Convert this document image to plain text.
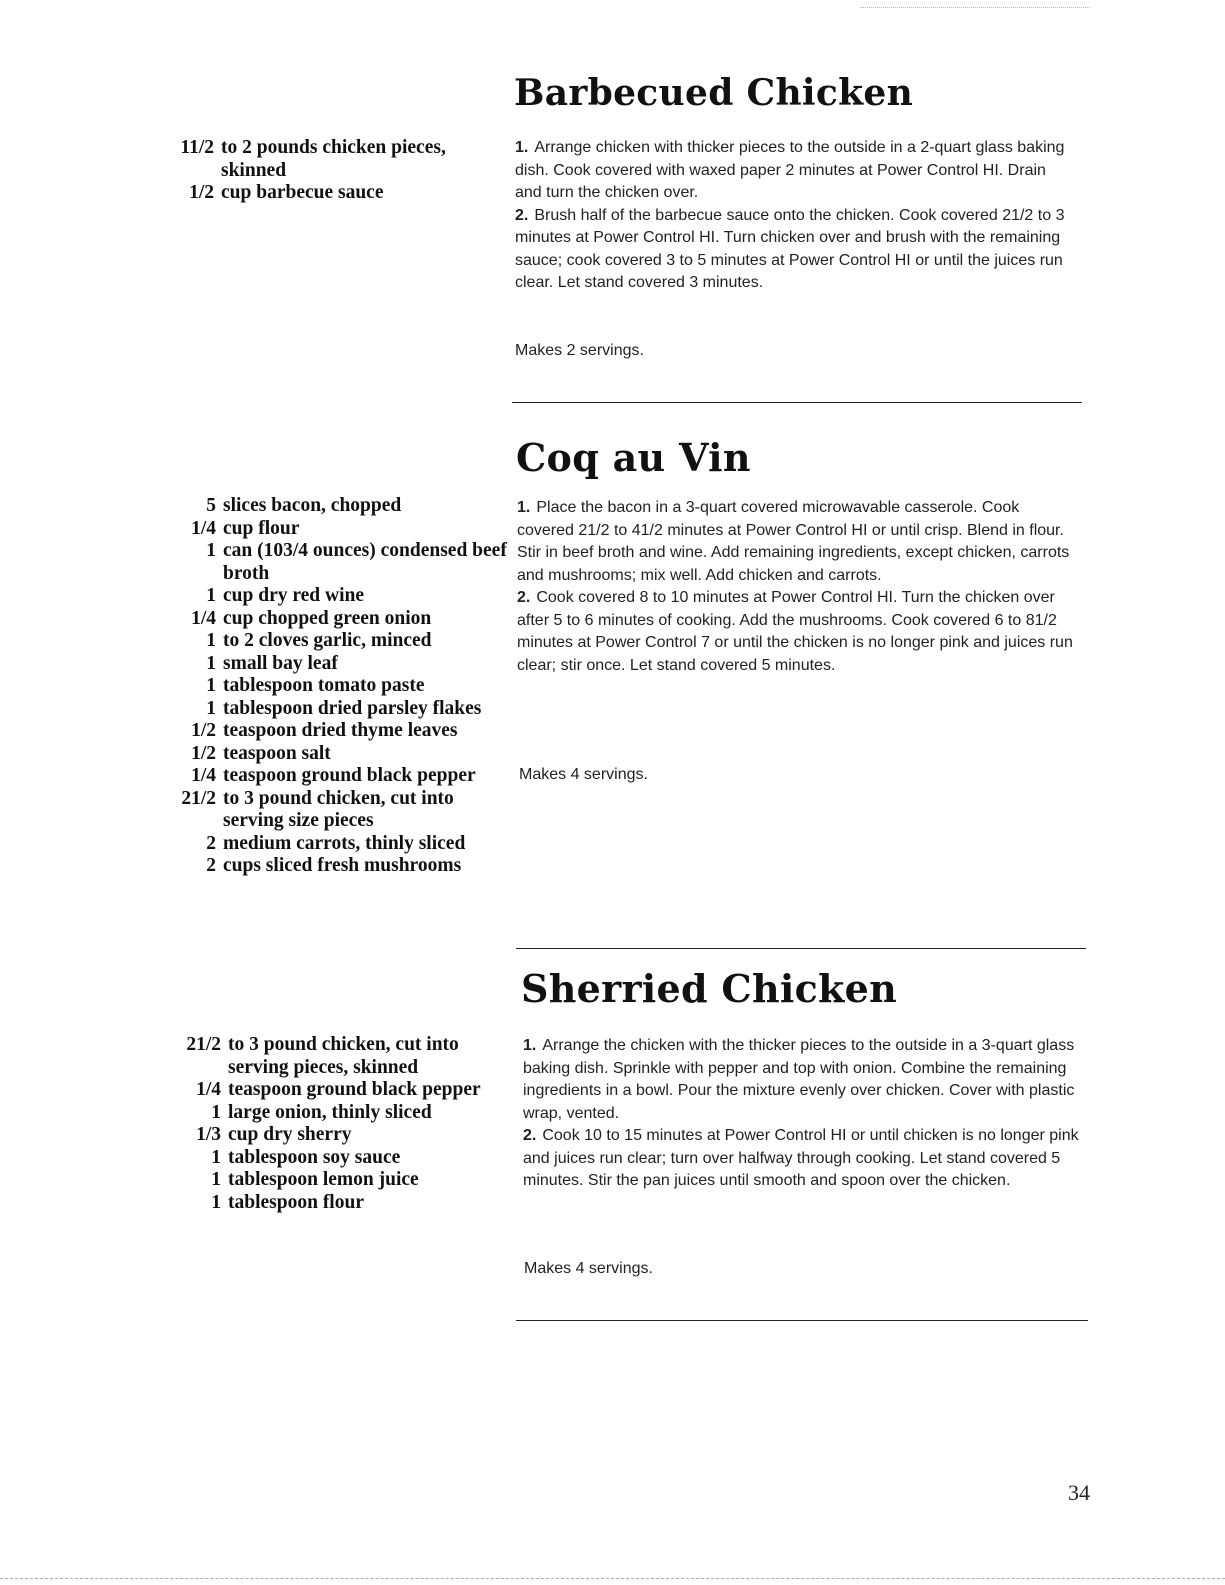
Barbecued Chicken
11/2 to 2 pounds chicken pieces, skinned
1/2 cup barbecue sauce

1. Arrange chicken with thicker pieces to the outside in a 2-quart glass baking dish. Cook covered with waxed paper 2 minutes at Power Control HI. Drain and turn the chicken over.

2. Brush half of the barbecue sauce onto the chicken. Cook covered 21/2 to 3 minutes at Power Control HI. Turn chicken over and brush with the remaining sauce; cook covered 3 to 5 minutes at Power Control HI or until the juices run clear. Let stand covered 3 minutes.

Makes 2 servings.

Coq au Vin
5 slices bacon, chopped
1/4 cup flour
1 can (103/4 ounces) condensed beef broth
1 cup dry red wine
1/4 cup chopped green onion
1 to 2 cloves garlic, minced
1 small bay leaf
1 tablespoon tomato paste
1 tablespoon dried parsley flakes
1/2 teaspoon dried thyme leaves
1/2 teaspoon salt
1/4 teaspoon ground black pepper
21/2 to 3 pound chicken, cut into serving size pieces
2 medium carrots, thinly sliced
2 cups sliced fresh mushrooms

1. Place the bacon in a 3-quart covered microwavable casserole. Cook covered 21/2 to 41/2 minutes at Power Control HI or until crisp. Blend in flour. Stir in beef broth and wine. Add remaining ingredients, except chicken, carrots and mushrooms; mix well. Add chicken and carrots.

2. Cook covered 8 to 10 minutes at Power Control HI. Turn the chicken over after 5 to 6 minutes of cooking. Add the mushrooms. Cook covered 6 to 81/2 minutes at Power Control 7 or until the chicken is no longer pink and juices run clear; stir once. Let stand covered 5 minutes.

Makes 4 servings.

Sherried Chicken
21/2 to 3 pound chicken, cut into serving pieces, skinned
1/4 teaspoon ground black pepper
1 large onion, thinly sliced
1/3 cup dry sherry
1 tablespoon soy sauce
1 tablespoon lemon juice
1 tablespoon flour

1. Arrange the chicken with the thicker pieces to the outside in a 3-quart glass baking dish. Sprinkle with pepper and top with onion. Combine the remaining ingredients in a bowl. Pour the mixture evenly over chicken. Cover with plastic wrap, vented.

2. Cook 10 to 15 minutes at Power Control HI or until chicken is no longer pink and juices run clear; turn over halfway through cooking. Let stand covered 5 minutes. Stir the pan juices until smooth and spoon over the chicken.

Makes 4 servings.

34
